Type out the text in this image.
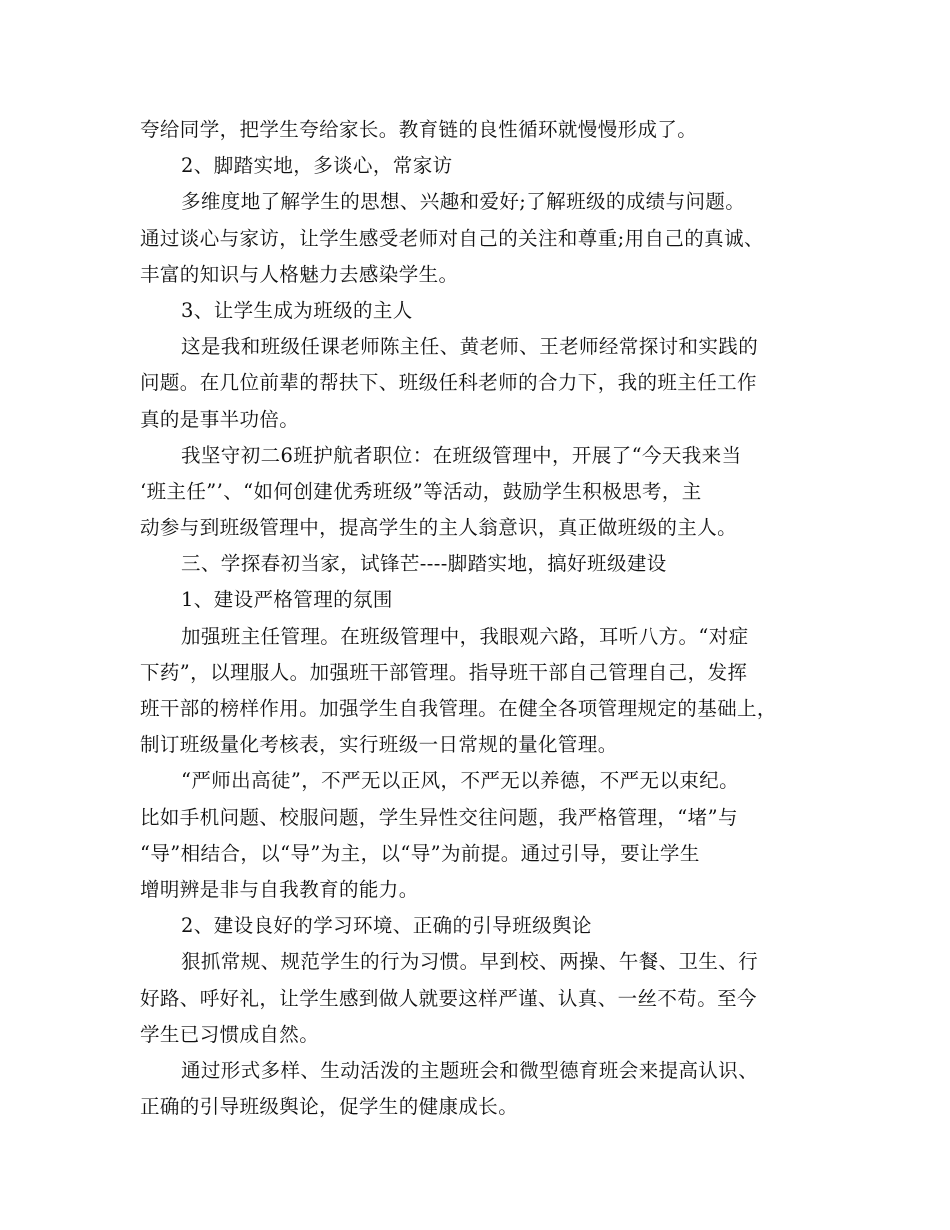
夸给同学，把学生夸给家长。教育链的良性循环就慢慢形成了。
2、脚踏实地，多谈心，常家访
多维度地了解学生的思想、兴趣和爱好;了解班级的成绩与问题。
通过谈心与家访，让学生感受老师对自己的关注和尊重;用自己的真诚、
丰富的知识与人格魅力去感染学生。
3、让学生成为班级的主人
这是我和班级任课老师陈主任、黄老师、王老师经常探讨和实践的
问题。在几位前辈的帮扶下、班级任科老师的合力下，我的班主任工作
真的是事半功倍。
我坚守初二6班护航者职位：在班级管理中，开展了“今天我来当
‘班主任”’、“如何创建优秀班级”等活动，鼓励学生积极思考，主
动参与到班级管理中，提高学生的主人翁意识，真正做班级的主人。
三、学探春初当家，试锋芒----脚踏实地，搞好班级建设
1、建设严格管理的氛围
加强班主任管理。在班级管理中，我眼观六路，耳听八方。“对症
下药”，以理服人。加强班干部管理。指导班干部自己管理自己，发挥
班干部的榜样作用。加强学生自我管理。在健全各项管理规定的基础上，
制订班级量化考核表，实行班级一日常规的量化管理。
“严师出高徒”，不严无以正风，不严无以养德，不严无以束纪。
比如手机问题、校服问题，学生异性交往问题，我严格管理，“堵”与
“导”相结合，以“导”为主，以“导”为前提。通过引导，要让学生
增明辨是非与自我教育的能力。
2、建设良好的学习环境、正确的引导班级舆论
狠抓常规、规范学生的行为习惯。早到校、两操、午餐、卫生、行
好路、呼好礼，让学生感到做人就要这样严谨、认真、一丝不苟。至今
学生已习惯成自然。
通过形式多样、生动活泼的主题班会和微型德育班会来提高认识、
正确的引导班级舆论，促学生的健康成长。
